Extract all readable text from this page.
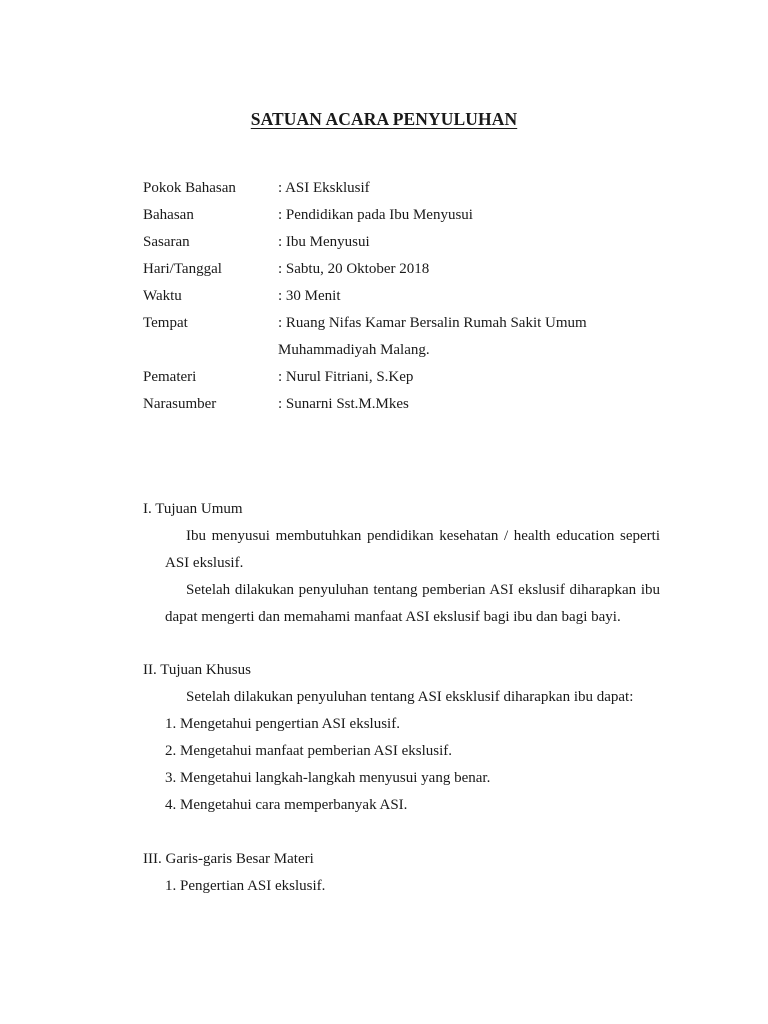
SATUAN ACARA PENYULUHAN
Pokok Bahasan	: ASI Eksklusif
Bahasan	: Pendidikan pada Ibu Menyusui
Sasaran	: Ibu Menyusui
Hari/Tanggal	: Sabtu, 20 Oktober 2018
Waktu	: 30 Menit
Tempat	: Ruang Nifas Kamar Bersalin Rumah Sakit Umum
Muhammadiyah Malang.
Pemateri	: Nurul Fitriani, S.Kep
Narasumber	: Sunarni Sst.M.Mkes
I. Tujuan Umum
Ibu menyusui membutuhkan pendidikan kesehatan / health education seperti
ASI ekslusif.
Setelah dilakukan penyuluhan tentang pemberian ASI ekslusif diharapkan ibu
dapat mengerti dan memahami manfaat ASI ekslusif bagi ibu dan bagi bayi.
II. Tujuan Khusus
Setelah dilakukan penyuluhan tentang ASI eksklusif diharapkan ibu dapat:
1. Mengetahui pengertian ASI ekslusif.
2. Mengetahui manfaat pemberian ASI ekslusif.
3. Mengetahui langkah-langkah menyusui yang benar.
4. Mengetahui cara memperbanyak ASI.
III. Garis-garis Besar Materi
1. Pengertian ASI ekslusif.
